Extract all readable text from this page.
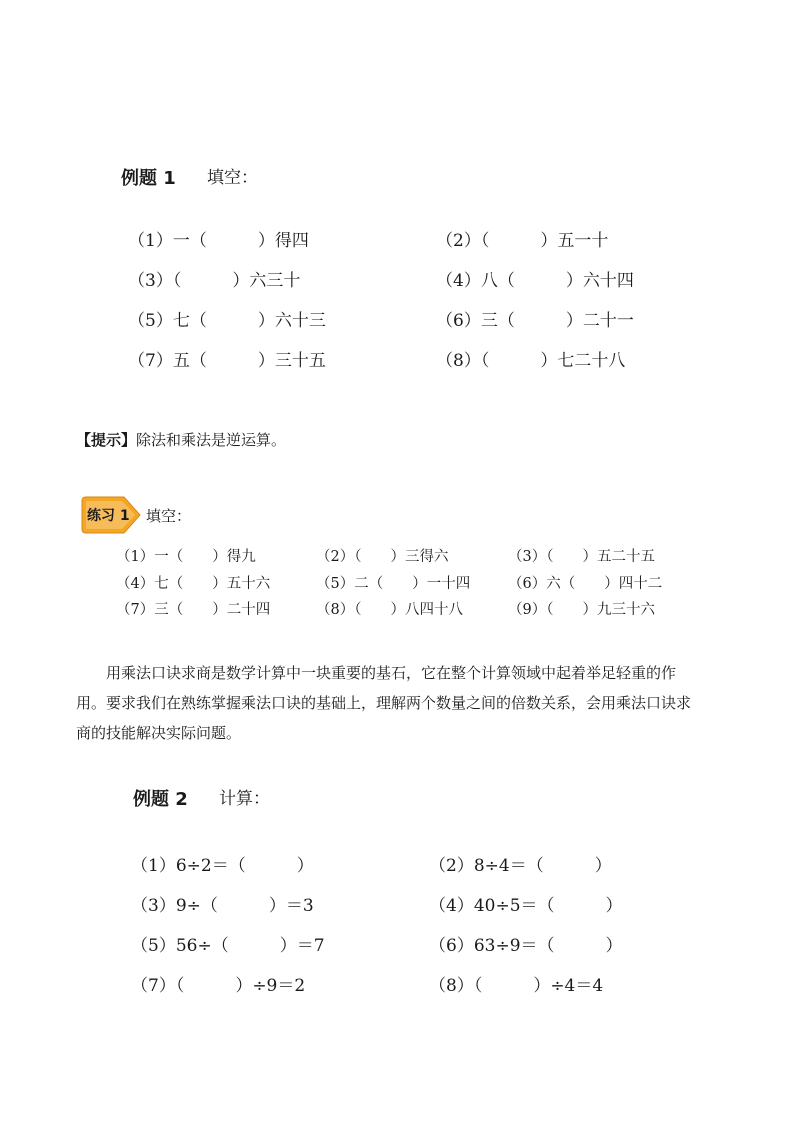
例题 1 填空：
（1）一（　　　）得四	（2）（　　　）五一十
（3）（　　　）六三十	（4）八（　　　）六十四
（5）七（　　　）六十三	（6）三（　　　）二十一
（7）五（　　　）三十五	（8）（　　　）七二十八
【提示】除法和乘法是逆运算。
练习 1 填空：
（1）一（　　）得九	（2）（　　）三得六	（3）（　　）五二十五
（4）七（　　）五十六	（5）二（　　）一十四	（6）六（　　）四十二
（7）三（　　）二十四	（8）（　　）八四十八	（9）（　　）九三十六
用乘法口诀求商是数学计算中一块重要的基石，它在整个计算领域中起着举足轻重的作
用。要求我们在熟练掌握乘法口诀的基础上，理解两个数量之间的倍数关系，会用乘法口诀求
商的技能解决实际问题。
例题 2 计算：
（1）6÷2＝（　　　）	（2）8÷4＝（　　　）
（3）9÷（　　　）＝3	（4）40÷5＝（　　　）
（5）56÷（　　　）＝7	（6）63÷9＝（　　　）
（7）（　　　）÷9＝2	（8）（　　　）÷4＝4
